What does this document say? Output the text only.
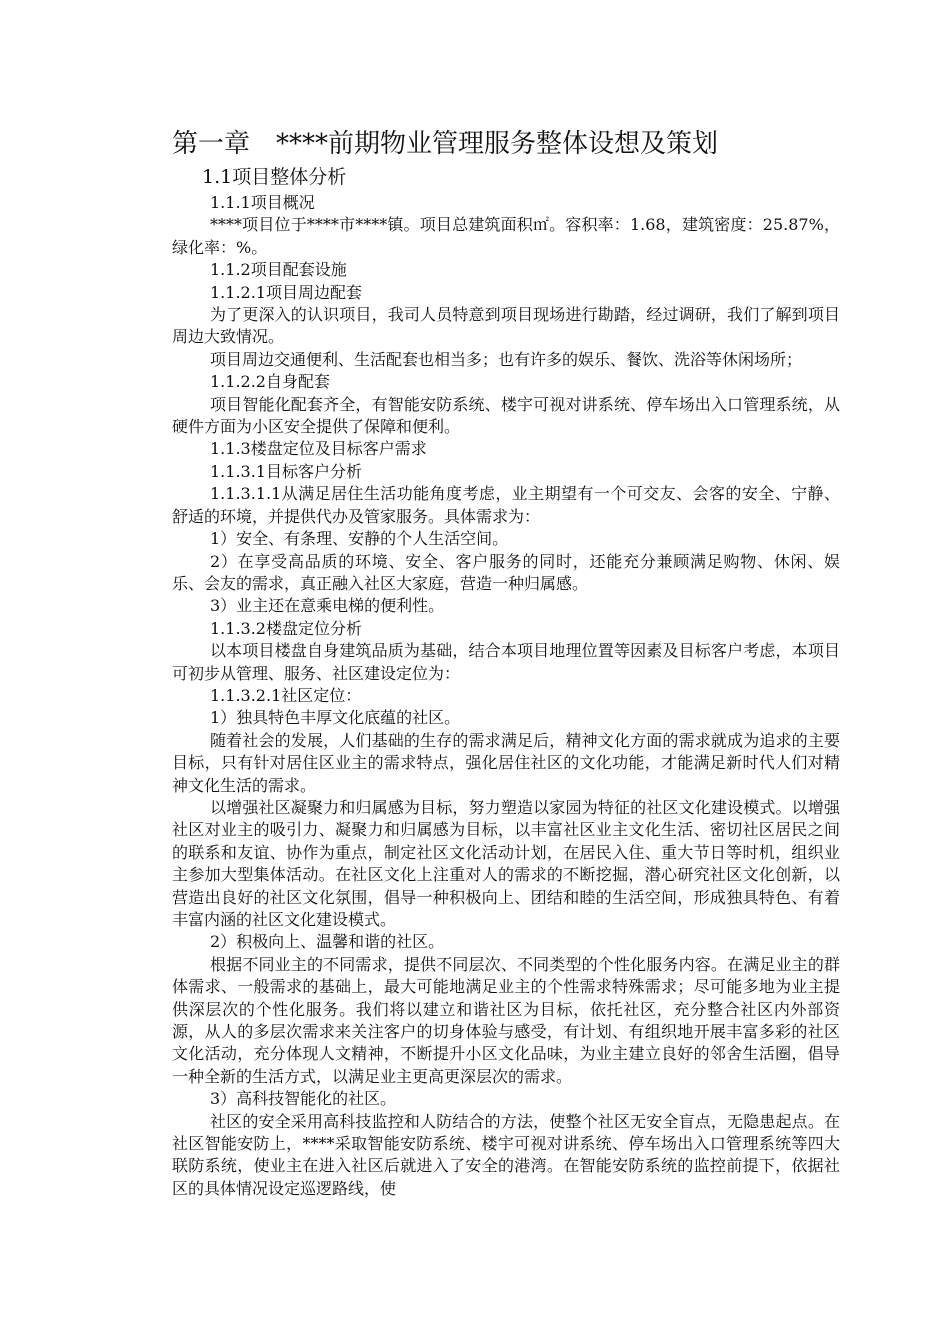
第一章　****前期物业管理服务整体设想及策划
1.1项目整体分析

1.1.1项目概况

****项目位于****市****镇。项目总建筑面积㎡。容积率：1.68，建筑密度：25.87%，绿化率：%。

1.1.2项目配套设施

1.1.2.1项目周边配套

为了更深入的认识项目，我司人员特意到项目现场进行勘踏，经过调研，我们了解到项目周边大致情况。

项目周边交通便利、生活配套也相当多；也有许多的娱乐、餐饮、洗浴等休闲场所；

1.1.2.2自身配套

项目智能化配套齐全，有智能安防系统、楼宇可视对讲系统、停车场出入口管理系统，从硬件方面为小区安全提供了保障和便利。

1.1.3楼盘定位及目标客户需求

1.1.3.1目标客户分析

1.1.3.1.1从满足居住生活功能角度考虑，业主期望有一个可交友、会客的安全、宁静、舒适的环境，并提供代办及管家服务。具体需求为：

1）安全、有条理、安静的个人生活空间。

2）在享受高品质的环境、安全、客户服务的同时，还能充分兼顾满足购物、休闲、娱乐、会友的需求，真正融入社区大家庭，营造一种归属感。

3）业主还在意乘电梯的便利性。

1.1.3.2楼盘定位分析

以本项目楼盘自身建筑品质为基础，结合本项目地理位置等因素及目标客户考虑，本项目可初步从管理、服务、社区建设定位为：

1.1.3.2.1社区定位：

1）独具特色丰厚文化底蕴的社区。

随着社会的发展，人们基础的生存的需求满足后，精神文化方面的需求就成为追求的主要目标，只有针对居住区业主的需求特点，强化居住社区的文化功能，才能满足新时代人们对精神文化生活的需求。

以增强社区凝聚力和归属感为目标，努力塑造以家园为特征的社区文化建设模式。以增强社区对业主的吸引力、凝聚力和归属感为目标，以丰富社区业主文化生活、密切社区居民之间的联系和友谊、协作为重点，制定社区文化活动计划，在居民入住、重大节日等时机，组织业主参加大型集体活动。在社区文化上注重对人的需求的不断挖掘，潜心研究社区文化创新，以营造出良好的社区文化氛围，倡导一种积极向上、团结和睦的生活空间，形成独具特色、有着丰富内涵的社区文化建设模式。

2）积极向上、温馨和谐的社区。

根据不同业主的不同需求，提供不同层次、不同类型的个性化服务内容。在满足业主的群体需求、一般需求的基础上，最大可能地满足业主的个性需求特殊需求；尽可能多地为业主提供深层次的个性化服务。我们将以建立和谐社区为目标，依托社区，充分整合社区内外部资源，从人的多层次需求来关注客户的切身体验与感受，有计划、有组织地开展丰富多彩的社区文化活动，充分体现人文精神，不断提升小区文化品味，为业主建立良好的邻舍生活圈，倡导一种全新的生活方式，以满足业主更高更深层次的需求。

3）高科技智能化的社区。

社区的安全采用高科技监控和人防结合的方法，使整个社区无安全盲点，无隐患起点。在社区智能安防上，****采取智能安防系统、楼宇可视对讲系统、停车场出入口管理系统等四大联防系统，使业主在进入社区后就进入了安全的港湾。在智能安防系统的监控前提下，依据社区的具体情况设定巡逻路线，使
